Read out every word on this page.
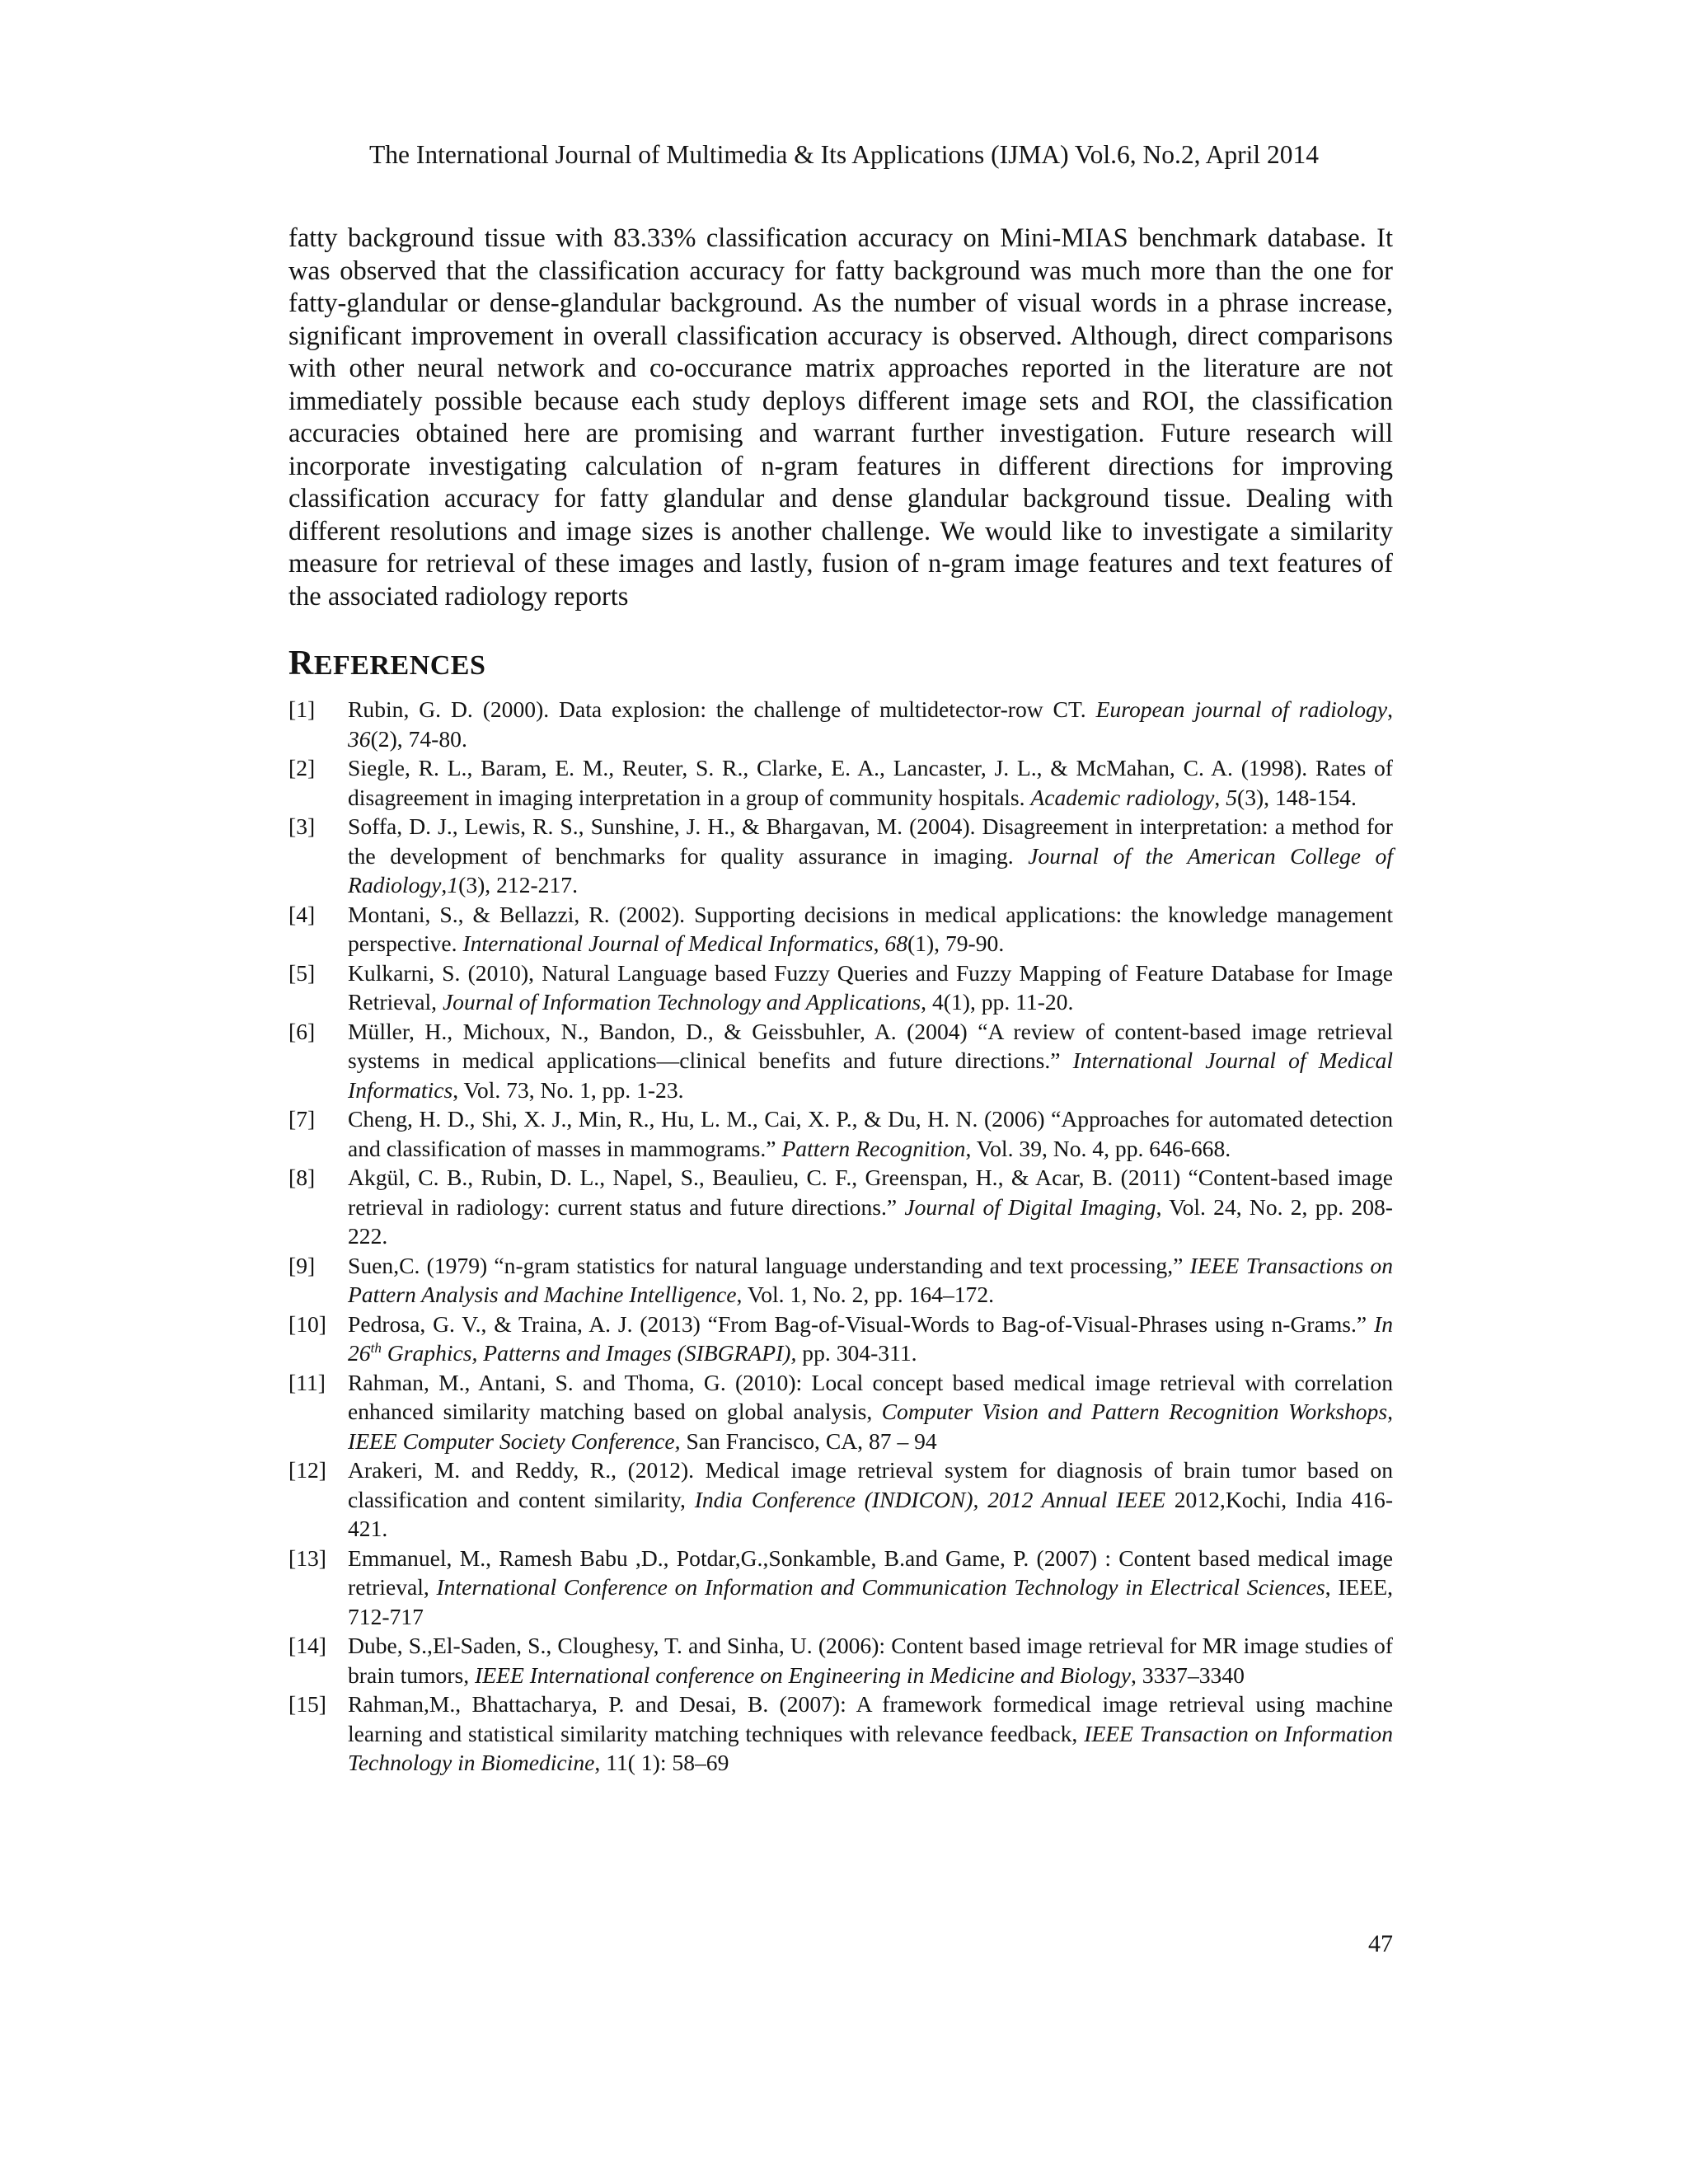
The International Journal of Multimedia & Its Applications (IJMA) Vol.6, No.2, April 2014

fatty background tissue with 83.33% classification accuracy on Mini-MIAS benchmark database. It was observed that the classification accuracy for fatty background was much more than the one for fatty-glandular or dense-glandular background. As the number of visual words in a phrase increase, significant improvement in overall classification accuracy is observed. Although, direct comparisons with other neural network and co-occurance matrix approaches reported in the literature are not immediately possible because each study deploys different image sets and ROI, the classification accuracies obtained here are promising and warrant further investigation. Future research will incorporate investigating calculation of n-gram features in different directions for improving classification accuracy for fatty glandular and dense glandular background tissue. Dealing with different resolutions and image sizes is another challenge. We would like to investigate a similarity measure for retrieval of these images and lastly, fusion of n-gram image features and text features of the associated radiology reports

REFERENCES
[1] Rubin, G. D. (2000). Data explosion: the challenge of multidetector-row CT. European journal of radiology, 36(2), 74-80.
[2] Siegle, R. L., Baram, E. M., Reuter, S. R., Clarke, E. A., Lancaster, J. L., & McMahan, C. A. (1998). Rates of disagreement in imaging interpretation in a group of community hospitals. Academic radiology, 5(3), 148-154.
[3] Soffa, D. J., Lewis, R. S., Sunshine, J. H., & Bhargavan, M. (2004). Disagreement in interpretation: a method for the development of benchmarks for quality assurance in imaging. Journal of the American College of Radiology,1(3), 212-217.
[4] Montani, S., & Bellazzi, R. (2002). Supporting decisions in medical applications: the knowledge management perspective. International Journal of Medical Informatics, 68(1), 79-90.
[5] Kulkarni, S. (2010), Natural Language based Fuzzy Queries and Fuzzy Mapping of Feature Database for Image Retrieval, Journal of Information Technology and Applications, 4(1), pp. 11-20.
[6] Müller, H., Michoux, N., Bandon, D., & Geissbuhler, A. (2004) “A review of content-based image retrieval systems in medical applications—clinical benefits and future directions.” International Journal of Medical Informatics, Vol. 73, No. 1, pp. 1-23.
[7] Cheng, H. D., Shi, X. J., Min, R., Hu, L. M., Cai, X. P., & Du, H. N. (2006) “Approaches for automated detection and classification of masses in mammograms.” Pattern Recognition, Vol. 39, No. 4, pp. 646-668.
[8] Akgül, C. B., Rubin, D. L., Napel, S., Beaulieu, C. F., Greenspan, H., & Acar, B. (2011) “Content-based image retrieval in radiology: current status and future directions.” Journal of Digital Imaging, Vol. 24, No. 2, pp. 208-222.
[9] Suen,C. (1979) “n-gram statistics for natural language understanding and text processing,” IEEE Transactions on Pattern Analysis and Machine Intelligence, Vol. 1, No. 2, pp. 164–172.
[10] Pedrosa, G. V., & Traina, A. J. (2013) “From Bag-of-Visual-Words to Bag-of-Visual-Phrases using n-Grams.” In 26th Graphics, Patterns and Images (SIBGRAPI), pp. 304-311.
[11] Rahman, M., Antani, S. and Thoma, G. (2010): Local concept based medical image retrieval with correlation enhanced similarity matching based on global analysis, Computer Vision and Pattern Recognition Workshops, IEEE Computer Society Conference, San Francisco, CA, 87 – 94
[12] Arakeri, M. and Reddy, R., (2012). Medical image retrieval system for diagnosis of brain tumor based on classification and content similarity, India Conference (INDICON), 2012 Annual IEEE 2012,Kochi, India 416-421.
[13] Emmanuel, M., Ramesh Babu ,D., Potdar,G.,Sonkamble, B.and Game, P. (2007) : Content based medical image retrieval, International Conference on Information and Communication Technology in Electrical Sciences, IEEE, 712-717
[14] Dube, S.,El-Saden, S., Cloughesy, T. and Sinha, U. (2006): Content based image retrieval for MR image studies of brain tumors, IEEE International conference on Engineering in Medicine and Biology, 3337–3340
[15] Rahman,M., Bhattacharya, P. and Desai, B. (2007): A framework formedical image retrieval using machine learning and statistical similarity matching techniques with relevance feedback, IEEE Transaction on Information Technology in Biomedicine, 11( 1): 58–69
47
